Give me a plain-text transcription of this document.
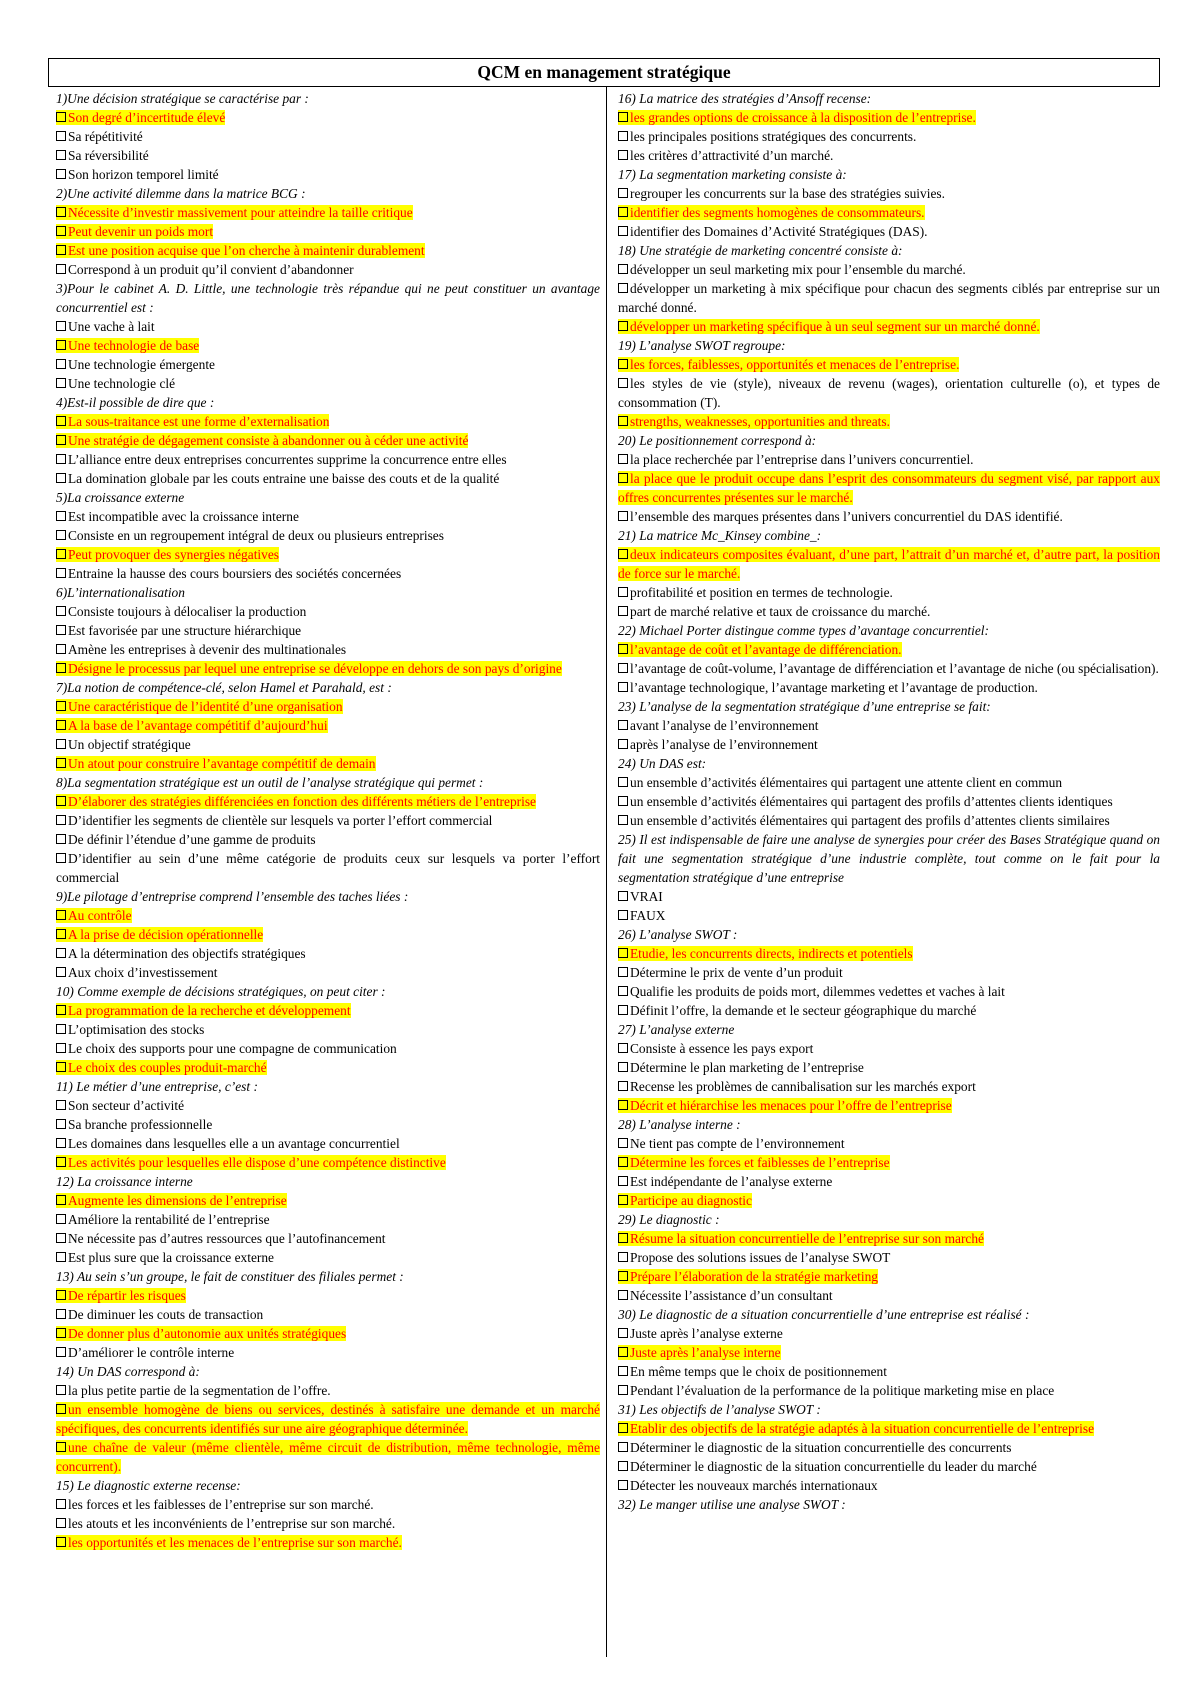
QCM en management stratégique
1)Une décision stratégique se caractérise par :
Son degré d’incertitude élevé
Sa répétitivité
Sa réversibilité
Son horizon temporel limité
2)Une activité dilemme dans la matrice BCG :
Nécessite d’investir massivement pour atteindre la taille critique
Peut devenir un poids mort
Est une position acquise que l’on cherche à maintenir durablement
Correspond à un produit qu’il convient d’abandonner
3)Pour le cabinet A. D. Little, une technologie très répandue qui ne peut constituer un avantage concurrentiel est :
Une vache à lait
Une technologie de base
Une technologie émergente
Une technologie clé
4)Est-il possible de dire que :
La sous-traitance est une forme d’externalisation
Une stratégie de dégagement consiste à abandonner ou à céder une activité
L’alliance entre deux entreprises concurrentes supprime la concurrence entre elles
La domination globale par les couts entraine une baisse des couts et de la qualité
5)La croissance externe
Est incompatible avec la croissance interne
Consiste en un regroupement intégral de deux ou plusieurs entreprises
Peut provoquer des synergies négatives
Entraine la hausse des cours boursiers des sociétés concernées
6)L’internationalisation
Consiste toujours à délocaliser la production
Est favorisée par une structure hiérarchique
Amène les entreprises à devenir des multinationales
Désigne le processus par lequel une entreprise se développe en dehors de son pays d’origine
7)La notion de compétence-clé, selon Hamel et Parahald, est :
Une caractéristique de l’identité d’une organisation
A la base de l’avantage compétitif d’aujourd’hui
Un objectif stratégique
Un atout pour construire l’avantage compétitif de demain
8)La segmentation stratégique est un outil de l’analyse stratégique qui permet :
D’élaborer des stratégies différenciées en fonction des différents métiers de l’entreprise
D’identifier les segments de clientèle sur lesquels va porter l’effort commercial
De définir l’étendue d’une gamme de produits
D’identifier au sein d’une même catégorie de produits ceux sur lesquels va porter l’effort commercial
9)Le pilotage d’entreprise comprend l’ensemble des taches liées :
Au contrôle
A la prise de décision opérationnelle
A la détermination des objectifs stratégiques
Aux choix d’investissement
10) Comme exemple de décisions stratégiques, on peut citer :
La programmation de la recherche et développement
L’optimisation des stocks
Le choix des supports pour une compagne de communication
Le choix des couples produit-marché
11) Le métier d’une entreprise, c’est :
Son secteur d’activité
Sa branche professionnelle
Les domaines dans lesquelles elle a un avantage concurrentiel
Les activités pour lesquelles elle dispose d’une compétence distinctive
12) La croissance interne
Augmente les dimensions de l’entreprise
Améliore la rentabilité de l’entreprise
Ne nécessite pas d’autres ressources que l’autofinancement
Est plus sure que la croissance externe
13) Au sein s’un groupe, le fait de constituer des filiales permet :
De répartir les risques
De diminuer les couts de transaction
De donner plus d’autonomie aux unités stratégiques
D’améliorer le contrôle interne
14) Un DAS correspond à:
la plus petite partie de la segmentation de l’offre.
un ensemble homogène de biens ou services, destinés à satisfaire une demande et un marché spécifiques, des concurrents identifiés sur une aire géographique déterminée.
une chaîne de valeur (même clientèle, même circuit de distribution, même technologie, même concurrent).
15) Le diagnostic externe recense:
les forces et les faiblesses de l’entreprise sur son marché.
les atouts et les inconvénients de l’entreprise sur son marché.
les opportunités et les menaces de l’entreprise sur son marché.
16) La matrice des stratégies d’Ansoff recense:
les grandes options de croissance à la disposition de l’entreprise.
les principales positions stratégiques des concurrents.
les critères d’attractivité d’un marché.
17) La segmentation marketing consiste à:
regrouper les concurrents sur la base des stratégies suivies.
identifier des segments homogènes de consommateurs.
identifier des Domaines d’Activité Stratégiques (DAS).
18) Une stratégie de marketing concentré consiste à:
développer un seul marketing mix pour l’ensemble du marché.
développer un marketing à mix spécifique pour chacun des segments ciblés par entreprise sur un marché donné.
développer un marketing spécifique à un seul segment sur un marché donné.
19) L’analyse SWOT regroupe:
les forces, faiblesses, opportunités et menaces de l’entreprise.
les styles de vie (style), niveaux de revenu (wages), orientation culturelle (o), et types de consommation (T).
strengths, weaknesses, opportunities and threats.
20) Le positionnement correspond à:
la place recherchée par l’entreprise dans l’univers concurrentiel.
la place que le produit occupe dans l’esprit des consommateurs du segment visé, par rapport aux offres concurrentes présentes sur le marché.
l’ensemble des marques présentes dans l’univers concurrentiel du DAS identifié.
21) La matrice Mc_Kinsey combine_:
deux indicateurs composites évaluant, d’une part, l’attrait d’un marché et, d’autre part, la position de force sur le marché.
profitabilité et position en termes de technologie.
part de marché relative et taux de croissance du marché.
22) Michael Porter distingue comme types d’avantage concurrentiel:
l’avantage de coût et l’avantage de différenciation.
l’avantage de coût-volume, l’avantage de différenciation et l’avantage de niche (ou spécialisation).
l’avantage technologique, l’avantage marketing et l’avantage de production.
23) L’analyse de la segmentation stratégique d’une entreprise se fait:
avant l’analyse de l’environnement
après l’analyse de l’environnement
24) Un DAS est:
un ensemble d’activités élémentaires qui partagent une attente client en commun
un ensemble d’activités élémentaires qui partagent des profils d’attentes clients identiques
un ensemble d’activités élémentaires qui partagent des profils d’attentes clients similaires
25) Il est indispensable de faire une analyse de synergies pour créer des Bases Stratégique quand on fait une segmentation stratégique d’une industrie complète, tout comme on le fait pour la segmentation stratégique d’une entreprise
VRAI
FAUX
26) L’analyse SWOT :
Etudie, les concurrents directs, indirects et potentiels
Détermine le prix de vente d’un produit
Qualifie les produits de poids mort, dilemmes vedettes et vaches à lait
Définit l’offre, la demande et le secteur géographique du marché
27) L’analyse externe
Consiste à essence les pays export
Détermine le plan marketing de l’entreprise
Recense les problèmes de cannibalisation sur les marchés export
Décrit et hiérarchise les menaces pour l’offre de l’entreprise
28) L’analyse interne :
Ne tient pas compte de l’environnement
Détermine les forces et faiblesses de l’entreprise
Est indépendante de l’analyse externe
Participe au diagnostic
29) Le diagnostic :
Résume la situation concurrentielle de l’entreprise sur son marché
Propose des solutions issues de l’analyse SWOT
Prépare l’élaboration de la stratégie marketing
Nécessite l’assistance d’un consultant
30) Le diagnostic de a situation concurrentielle d’une entreprise est réalisé :
Juste après l’analyse externe
Juste après l’analyse interne
En même temps que le choix de positionnement
Pendant l’évaluation de la performance de la politique marketing mise en place
31) Les objectifs de l’analyse SWOT :
Etablir des objectifs de la stratégie adaptés à la situation concurrentielle de l’entreprise
Déterminer le diagnostic de la situation concurrentielle des concurrents
Déterminer le diagnostic de la situation concurrentielle du leader du marché
Détecter les nouveaux marchés internationaux
32) Le manger utilise une analyse SWOT :
